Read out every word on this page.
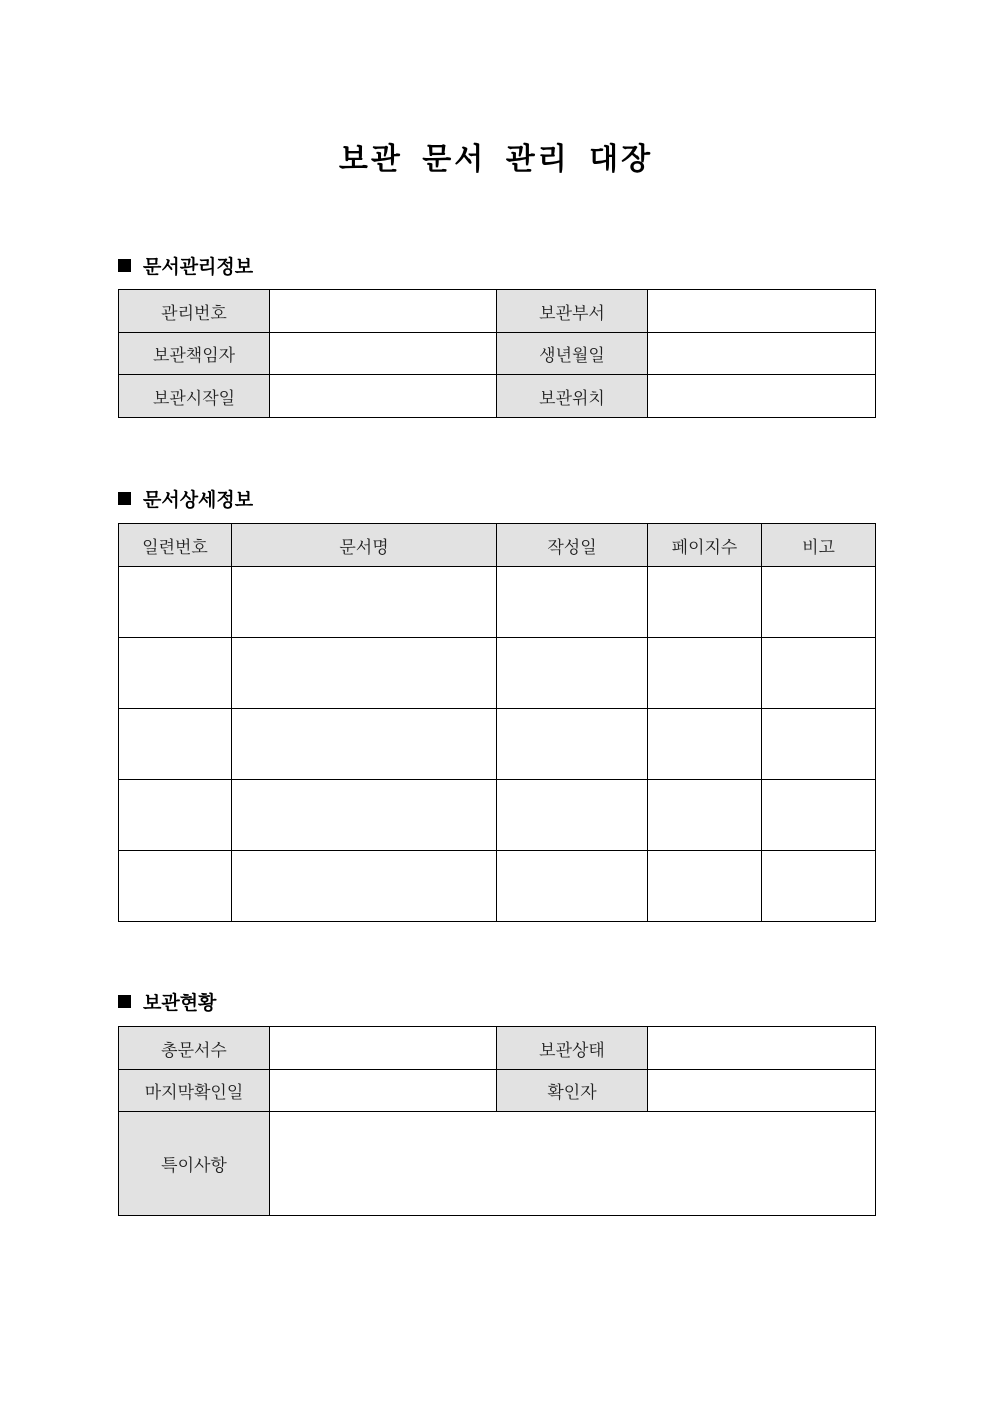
보관 문서 관리 대장
문서관리정보
관리번호		보관부서	
보관책임자		생년월일	
보관시작일		보관위치	
문서상세정보
일련번호	문서명	작성일	페이지수	비고

보관현황
총문서수		보관상태	
마지막확인일		확인자	
특이사항			
